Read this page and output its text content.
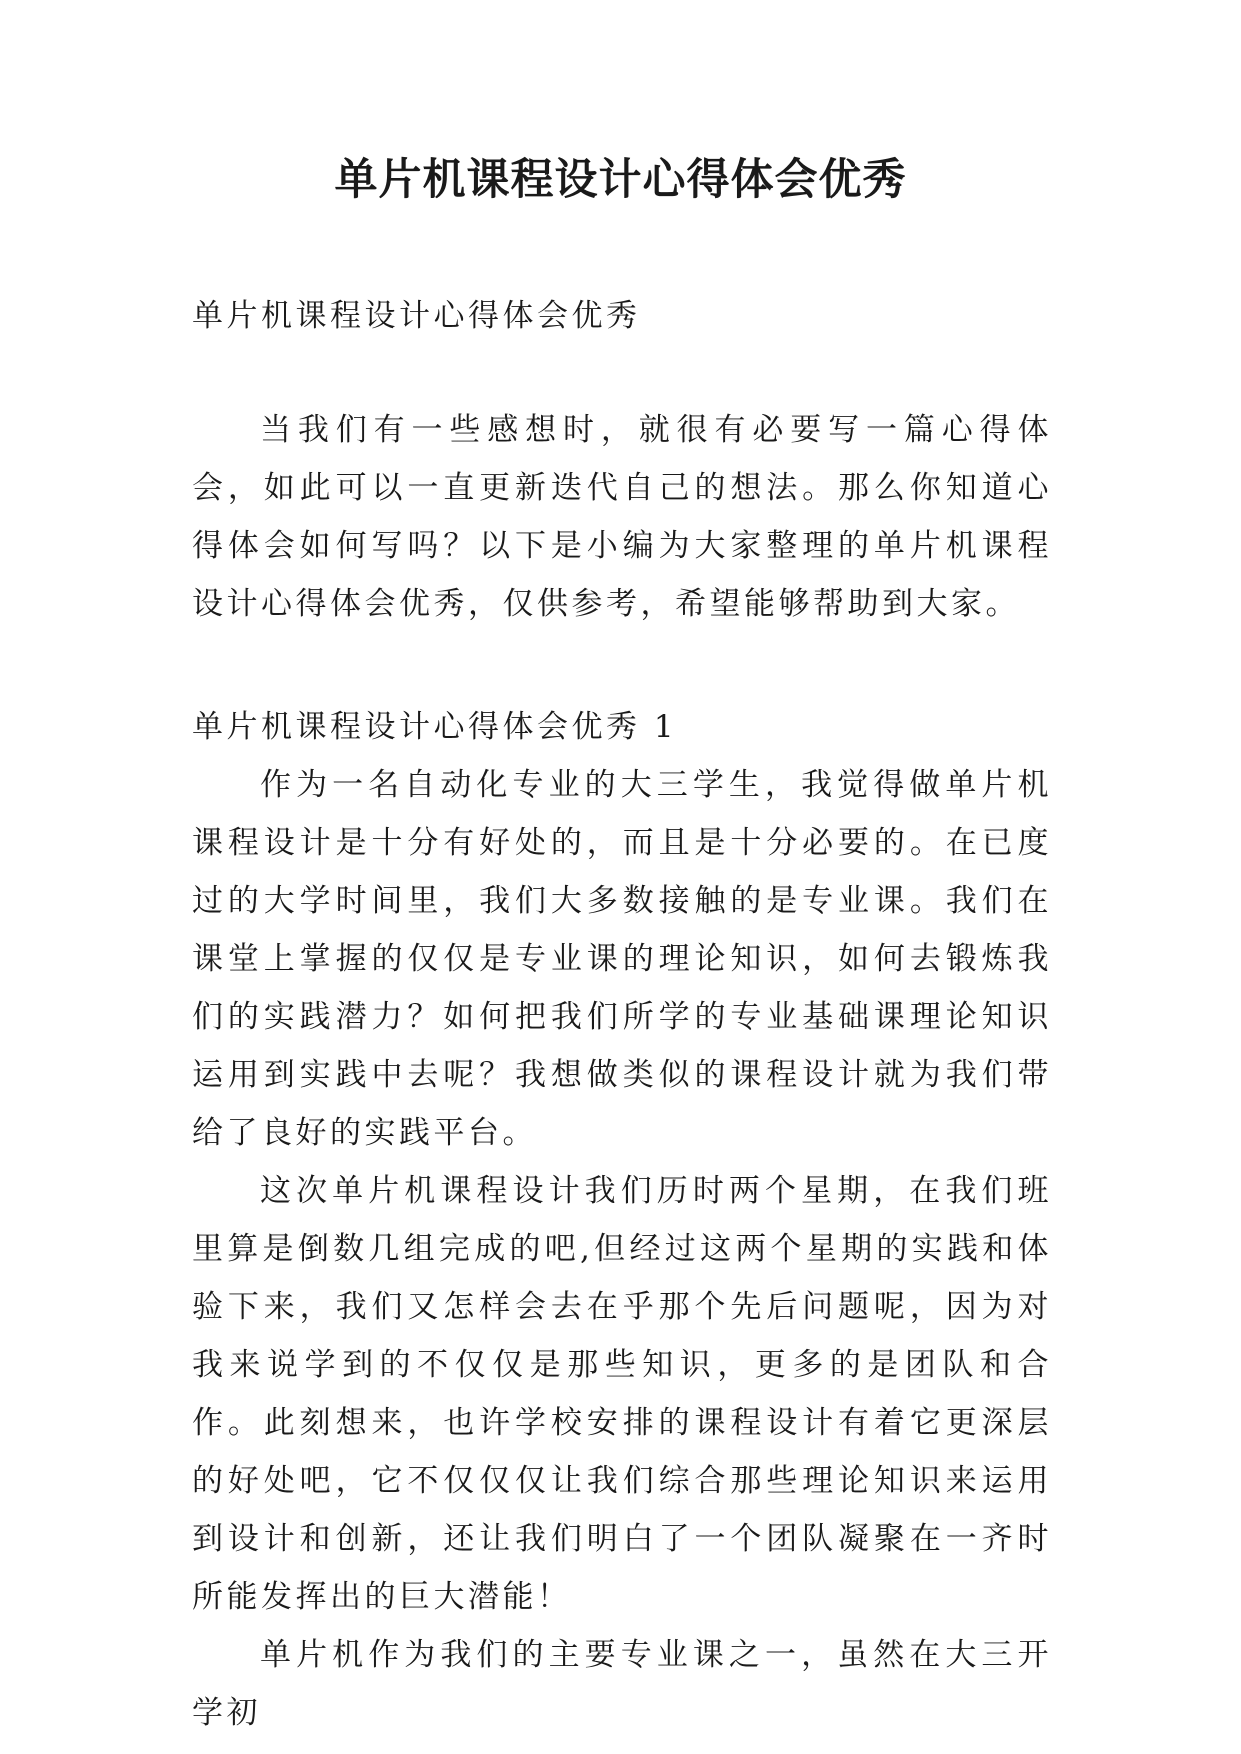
单片机课程设计心得体会优秀

单片机课程设计心得体会优秀

当我们有一些感想时，就很有必要写一篇心得体会，如此可以一直更新迭代自己的想法。那么你知道心得体会如何写吗？以下是小编为大家整理的单片机课程设计心得体会优秀，仅供参考，希望能够帮助到大家。

单片机课程设计心得体会优秀 1

作为一名自动化专业的大三学生，我觉得做单片机课程设计是十分有好处的，而且是十分必要的。在已度过的大学时间里，我们大多数接触的是专业课。我们在课堂上掌握的仅仅是专业课的理论知识，如何去锻炼我们的实践潜力？如何把我们所学的专业基础课理论知识运用到实践中去呢？我想做类似的课程设计就为我们带给了良好的实践平台。

这次单片机课程设计我们历时两个星期，在我们班里算是倒数几组完成的吧,但经过这两个星期的实践和体验下来，我们又怎样会去在乎那个先后问题呢，因为对我来说学到的不仅仅是那些知识，更多的是团队和合作。此刻想来，也许学校安排的课程设计有着它更深层的好处吧，它不仅仅仅让我们综合那些理论知识来运用到设计和创新，还让我们明白了一个团队凝聚在一齐时所能发挥出的巨大潜能！

单片机作为我们的主要专业课之一，虽然在大三开学初
